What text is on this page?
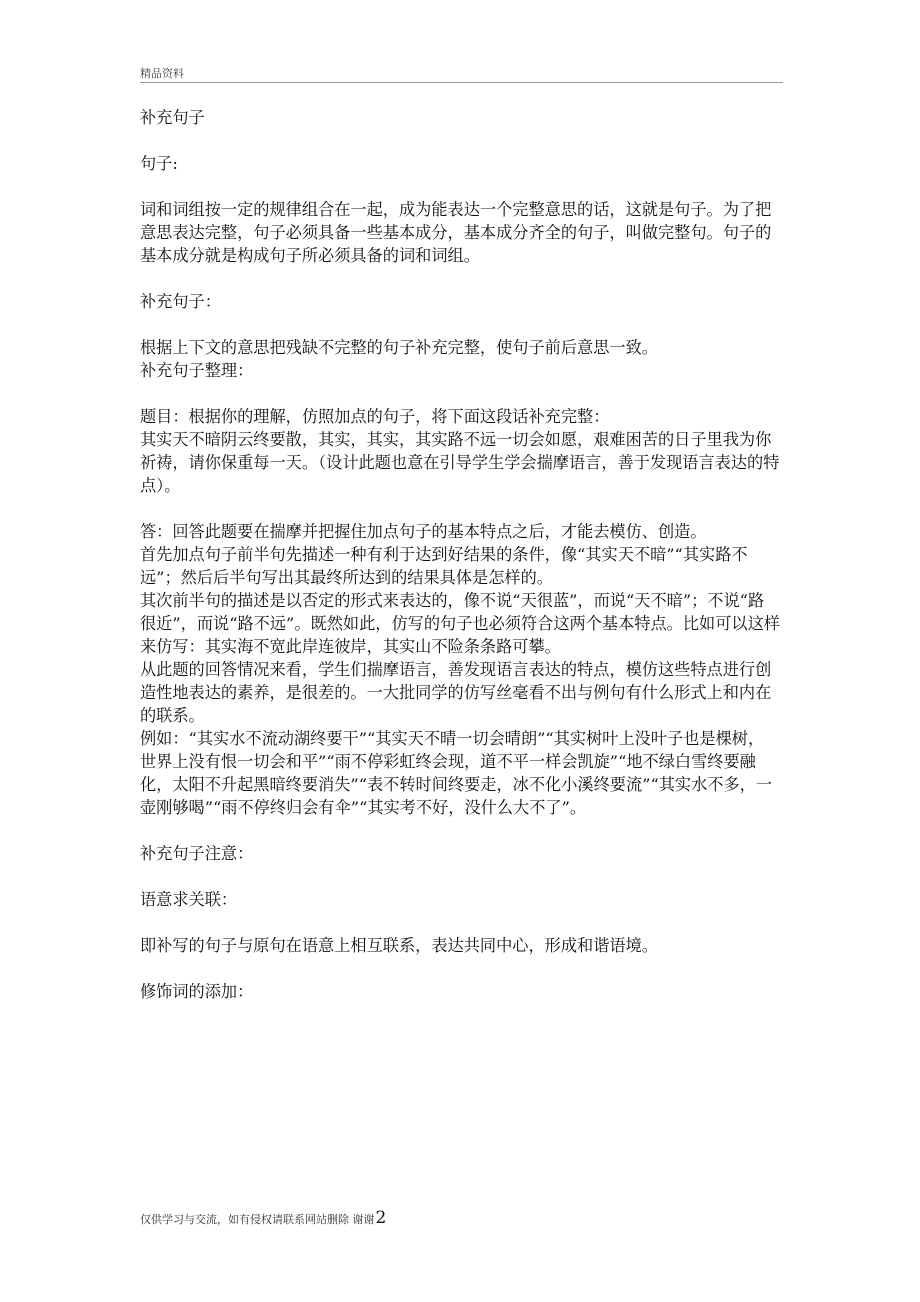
精品资料

补充句子

句子:

词和词组按一定的规律组合在一起，成为能表达一个完整意思的话，这就是句子。为了把意思表达完整，句子必须具备一些基本成分，基本成分齐全的句子，叫做完整句。句子的基本成分就是构成句子所必须具备的词和词组。

补充句子：

根据上下文的意思把残缺不完整的句子补充完整，使句子前后意思一致。

补充句子整理：

题目：根据你的理解，仿照加点的句子，将下面这段话补充完整：

其实天不暗阴云终要散，其实，其实，其实路不远一切会如愿，艰难困苦的日子里我为你祈祷，请你保重每一天。（设计此题也意在引导学生学会揣摩语言，善于发现语言表达的特点）。

答：回答此题要在揣摩并把握住加点句子的基本特点之后，才能去模仿、创造。

首先加点句子前半句先描述一种有利于达到好结果的条件，像“其实天不暗”“其实路不远”；然后后半句写出其最终所达到的结果具体是怎样的。

其次前半句的描述是以否定的形式来表达的，像不说“天很蓝”，而说“天不暗”；不说“路很近”，而说“路不远”。既然如此，仿写的句子也必须符合这两个基本特点。比如可以这样来仿写：其实海不宽此岸连彼岸，其实山不险条条路可攀。

从此题的回答情况来看，学生们揣摩语言，善发现语言表达的特点，模仿这些特点进行创造性地表达的素养，是很差的。一大批同学的仿写丝毫看不出与例句有什么形式上和内在的联系。

例如：“其实水不流动湖终要干”“其实天不晴一切会晴朗”“其实树叶上没叶子也是棵树，世界上没有恨一切会和平”“雨不停彩虹终会现，道不平一样会凯旋”“地不绿白雪终要融化，太阳不升起黑暗终要消失”“表不转时间终要走，冰不化小溪终要流”“其实水不多，一壶刚够喝”“雨不停终归会有伞”“其实考不好，没什么大不了”。

补充句子注意：

语意求关联：

即补写的句子与原句在语意上相互联系，表达共同中心，形成和谐语境。

修饰词的添加：

仅供学习与交流，如有侵权请联系网站删除 谢谢2
